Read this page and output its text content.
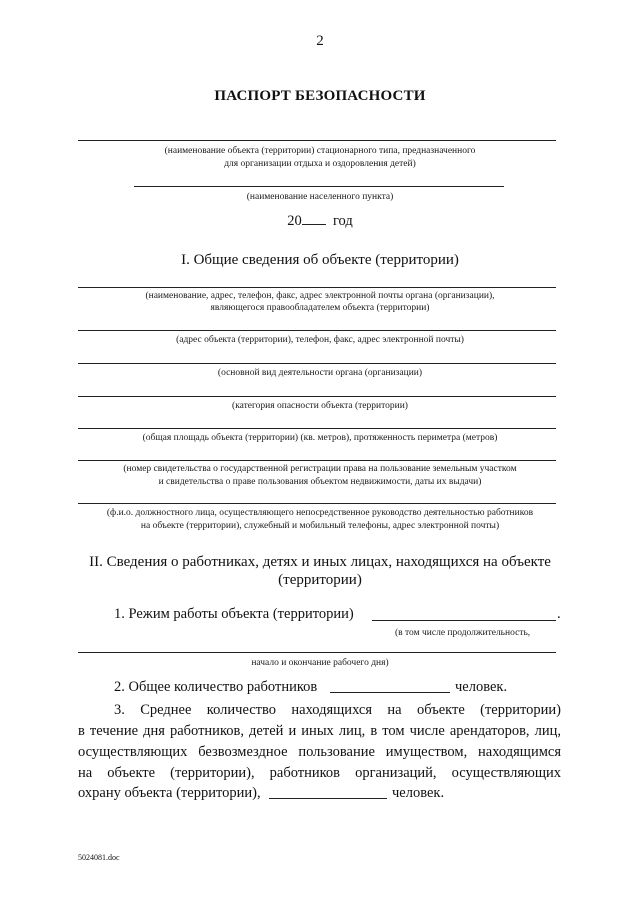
2
ПАСПОРТ БЕЗОПАСНОСТИ
(наименование объекта (территории) стационарного типа, предназначенного
для организации отдыха и оздоровления детей)
(наименование населенного пункта)
20 год
I. Общие сведения об объекте (территории)
(наименование, адрес, телефон, факс, адрес электронной почты органа (организации),
являющегося правообладателем объекта (территории)
(адрес объекта (территории), телефон, факс, адрес электронной почты)
(основной вид деятельности органа (организации)
(категория опасности объекта (территории)
(общая площадь объекта (территории) (кв. метров), протяженность периметра (метров)
(номер свидетельства о государственной регистрации права на пользование земельным участком
и свидетельства о праве пользования объектом недвижимости, даты их выдачи)
(ф.и.о. должностного лица, осуществляющего непосредственное руководство деятельностью работников
на объекте (территории), служебный и мобильный телефоны, адрес электронной почты)
II. Сведения о работниках, детях и иных лицах, находящихся на объекте
(территории)
1. Режим работы объекта (территории)	.
(в том числе продолжительность,
начало и окончание рабочего дня)
2. Общее количество работников	человек.
3. Среднее количество находящихся на объекте (территории)
в течение дня работников, детей и иных лиц, в том числе арендаторов, лиц,
осуществляющих безвозмездное пользование имуществом, находящимся
на объекте (территории), работников организаций, осуществляющих
охрану объекта (территории),	человек.
5024081.doc
